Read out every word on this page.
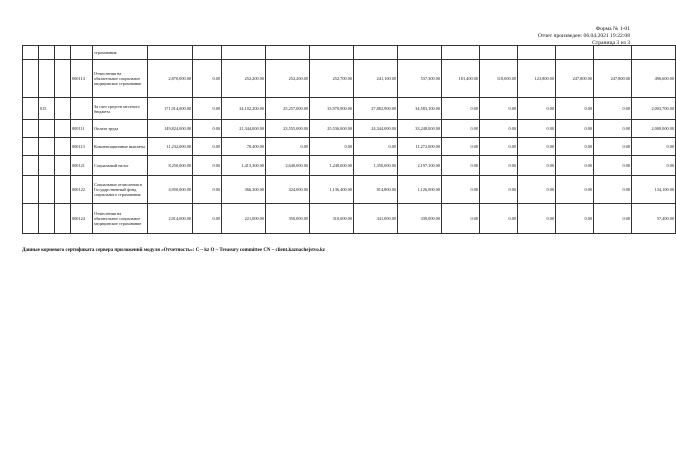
Форма № 1-01
Отчет произведен: 06.04.2021 19:22:08
Страница 3 из 3
				страхования													
			000114	Отчисления на обязательное социальное медицинское страхование	2,870,000.00	0.00	252,200.00	252,200.00	252,700.00	241,100.00	537,300.00	181,400.00	118,000.00	123,800.00	247,800.00	247,800.00	496,600.00
	015			За счет средств местного бюджета	171,014,000.00	0.00	24,102,200.00	25,257,000.00	33,970,900.00	27,882,900.00	34,583,100.00	0.00	0.00	0.00	0.00	0.00	2,003,700.00
			000111	Оплата труда	149,824,000.00	0.00	21,344,000.00	23,555,000.00	25,536,000.00	24,344,000.00	33,248,000.00	0.00	0.00	0.00	0.00	0.00	2,000,000.00
			000113	Компенсационные выплаты	11,232,000.00	0.00	70,400.00	0.00	0.00	0.00	11,272,000.00	0.00	0.00	0.00	0.00	0.00	0.00
			000121	Социальный налог	8,250,000.00	0.00	1,413,300.00	2,640,000.00	1,248,000.00	1,350,000.00	2,197,100.00	0.00	0.00	0.00	0.00	0.00	0.00
			000122	Социальные отчисления в Государственный фонд социального страхования	4,950,000.00	0.00	366,300.00	324,000.00	1,136,400.00	814,800.00	1,126,000.00	0.00	0.00	0.00	0.00	0.00	134,100.00
			000124	Отчисления на обязательное социальное медицинское страхование	2,014,000.00	0.00	221,000.00	350,000.00	310,000.00	341,000.00	339,000.00	0.00	0.00	0.00	0.00	0.00	57,400.00
Данные корневого сертификата сервера приложений модуля «Отчетность»: С – kz О – Treasury committee CN – client.kaznachejstvo.kz
